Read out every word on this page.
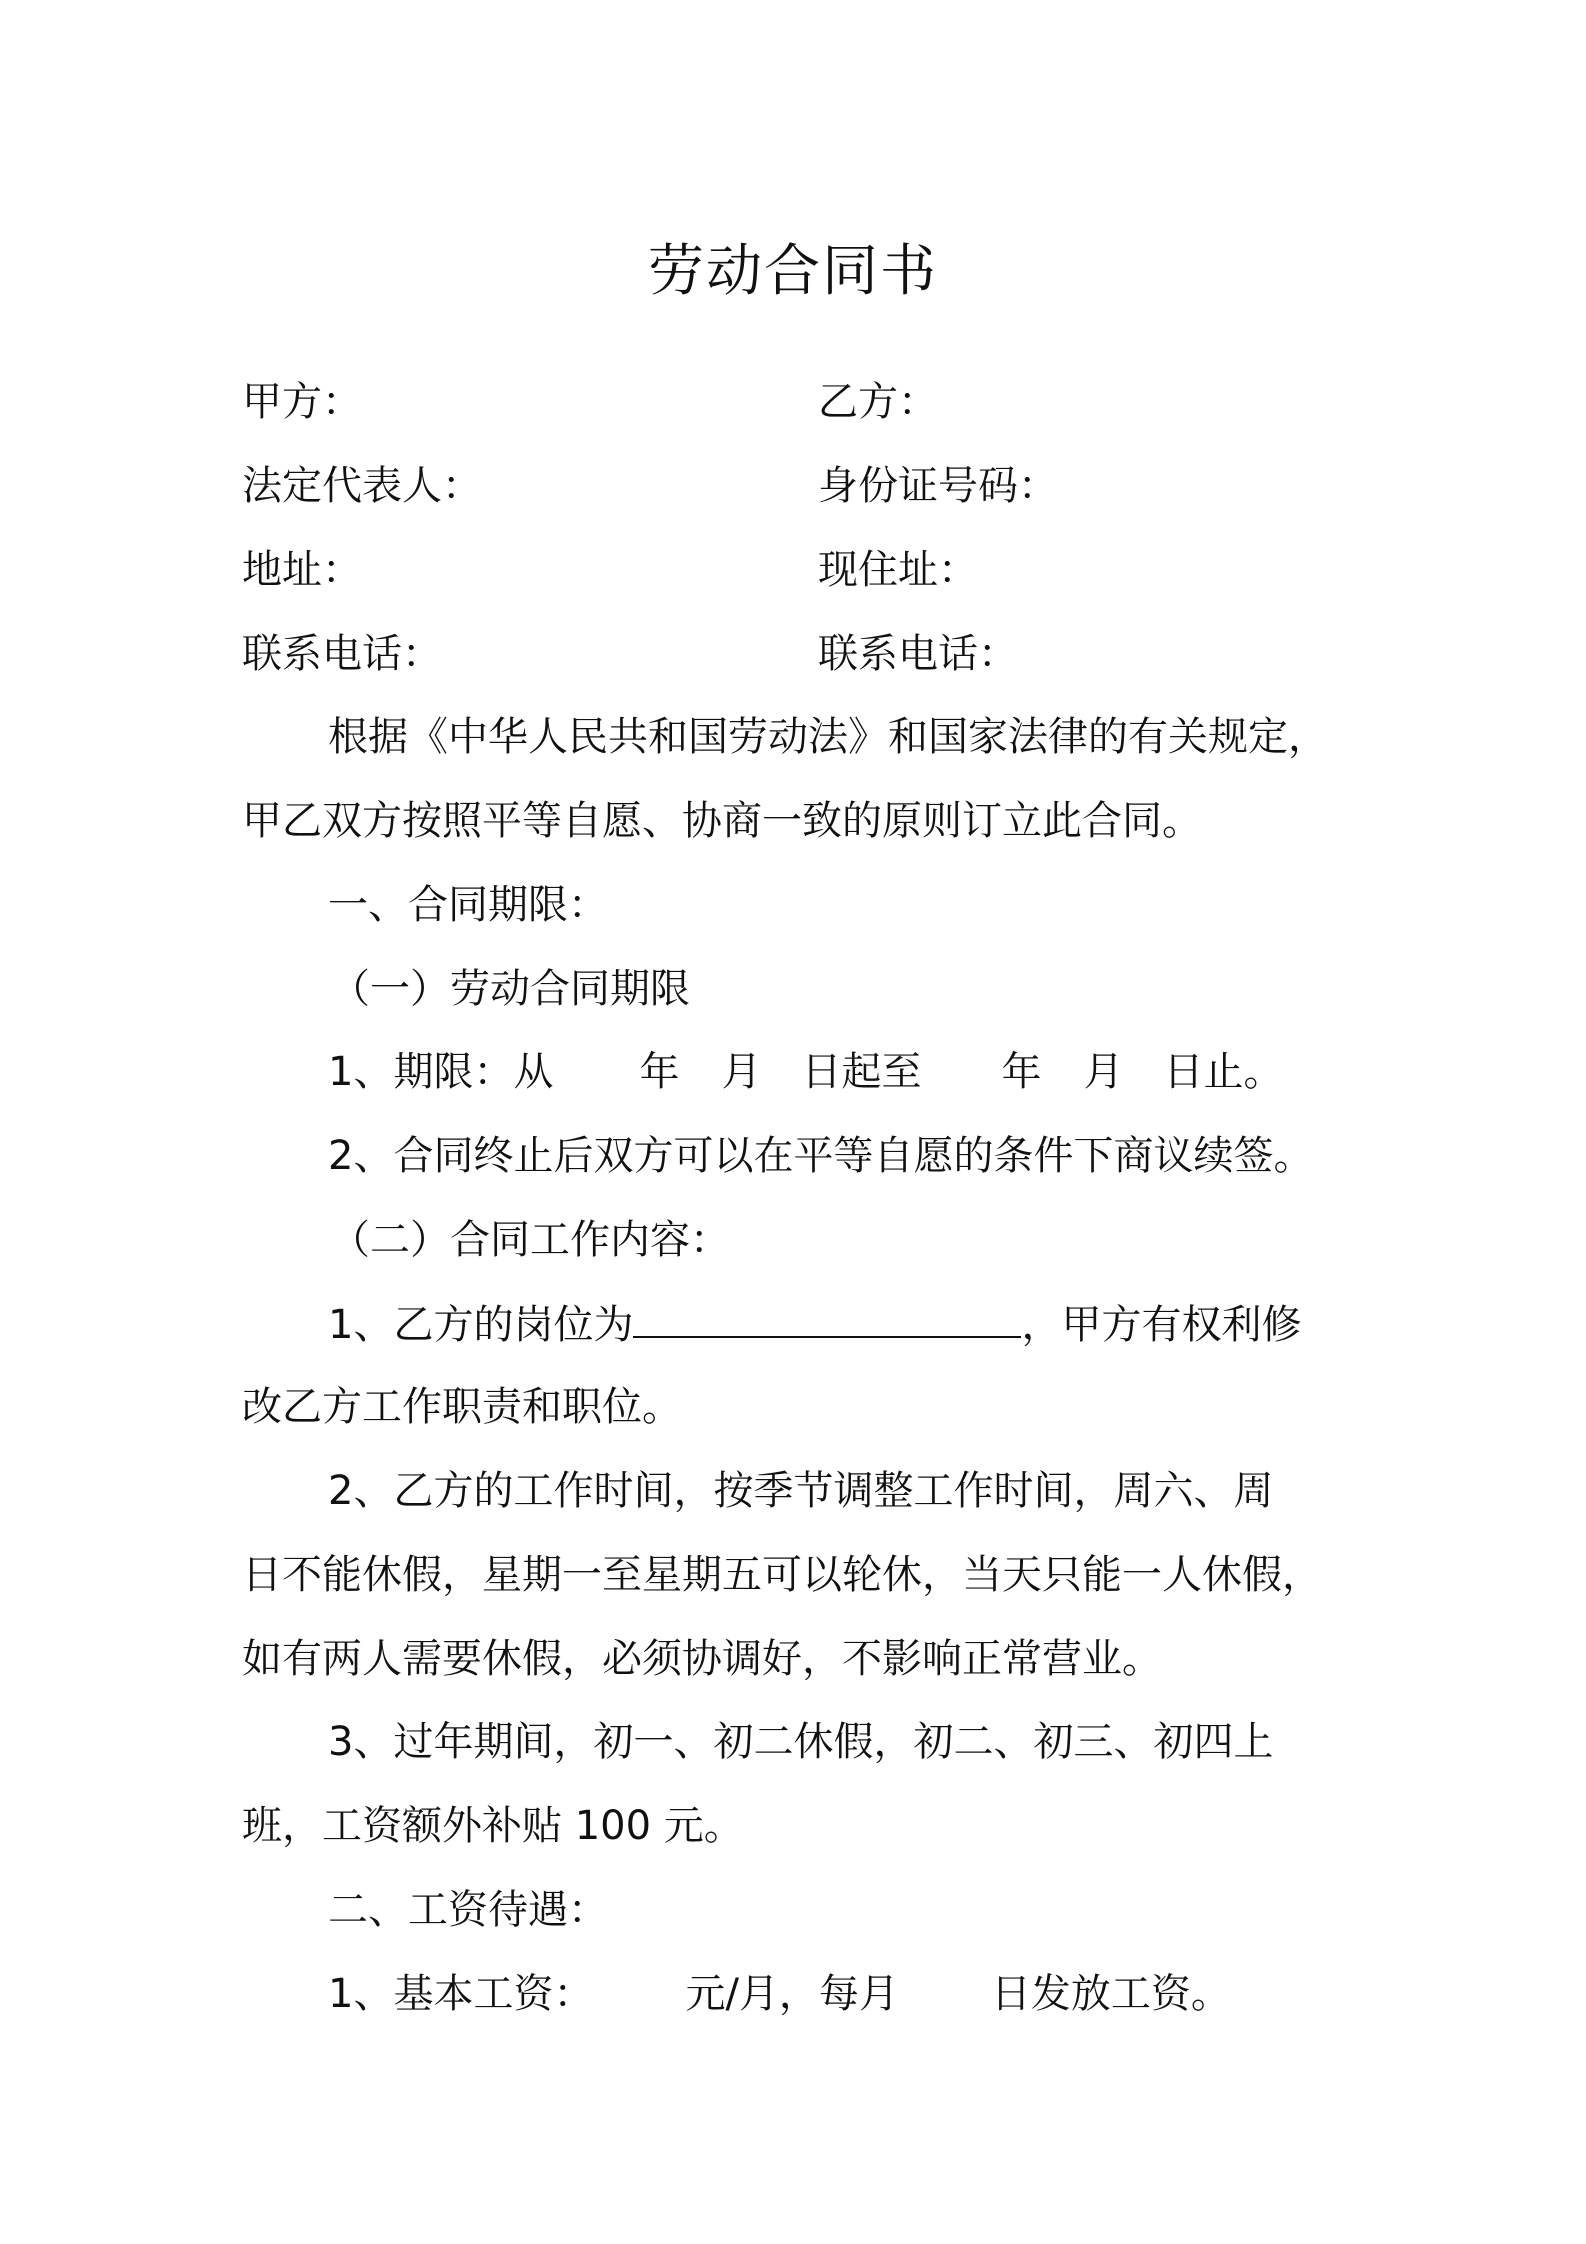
劳动合同书
甲方：	乙方：
法定代表人：	身份证号码：
地址：	现住址：
联系电话：	联系电话：
根据《中华人民共和国劳动法》和国家法律的有关规定，
甲乙双方按照平等自愿、协商一致的原则订立此合同。
一、合同期限：
（一）劳动合同期限
1、期限：从 年 月 日起至 年 月 日止。
2、合同终止后双方可以在平等自愿的条件下商议续签。
（二）合同工作内容：
1、乙方的岗位为	，甲方有权利修
改乙方工作职责和职位。
2、乙方的工作时间，按季节调整工作时间，周六、周
日不能休假，星期一至星期五可以轮休，当天只能一人休假，
如有两人需要休假，必须协调好，不影响正常营业。
3、过年期间，初一、初二休假，初二、初三、初四上
班，工资额外补贴 100 元。
二、工资待遇：
1、基本工资： 元/月，每月 日发放工资。
